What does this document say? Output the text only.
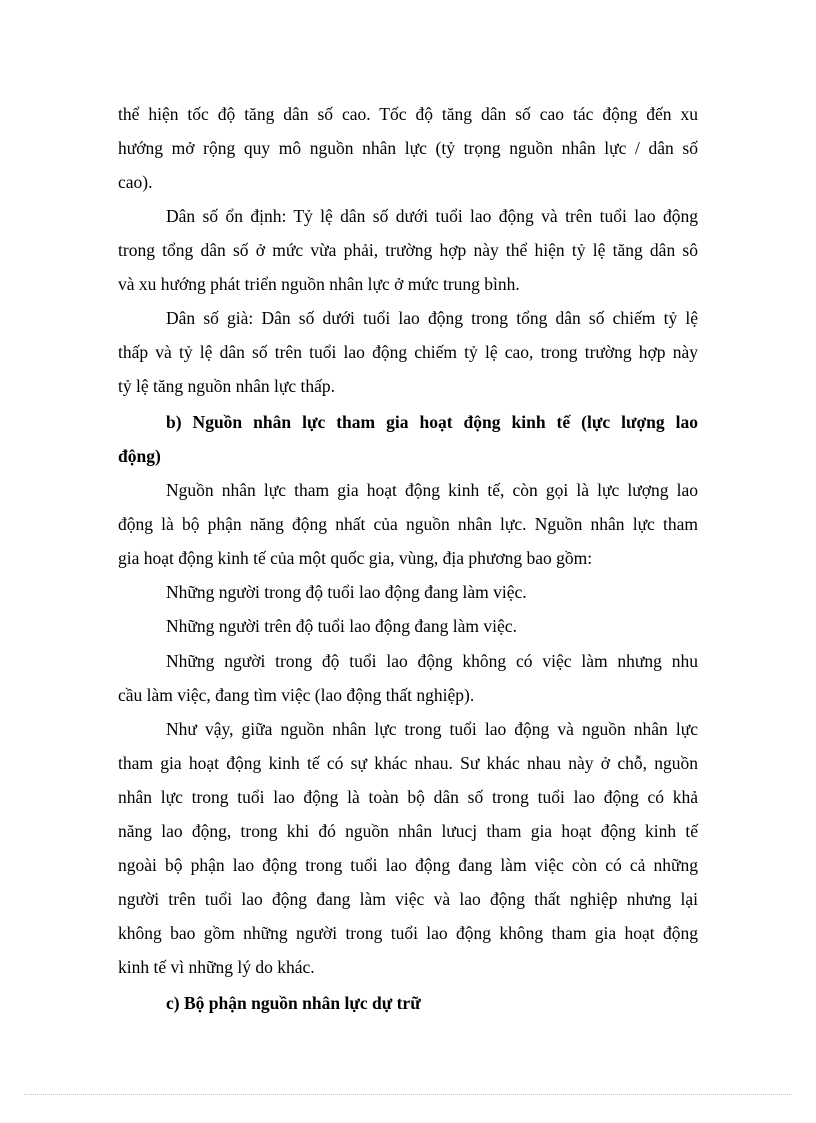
thể hiện tốc độ tăng dân số cao. Tốc độ tăng dân số cao tác động đến xu
hướng mở rộng quy mô nguồn nhân lực (tỷ trọng nguồn nhân lực / dân số
cao).
Dân số ổn định: Tỷ lệ dân số dưới tuổi lao động và trên tuổi lao động
trong tổng dân số ở mức vừa phải, trường hợp này thể hiện tỷ lệ tăng dân sô
và xu hướng phát triển nguồn nhân lực ở mức trung bình.
Dân số già: Dân số dưới tuổi lao động trong tổng dân số chiếm tỷ lệ
thấp và tỷ lệ dân số trên tuổi lao động chiếm tỷ lệ cao, trong trường hợp này
tỷ lệ tăng nguồn nhân lực thấp.
b) Nguồn nhân lực tham gia hoạt động kinh tế (lực lượng lao
động)
Nguồn nhân lực tham gia hoạt động kinh tế, còn gọi là lực lượng lao
động là bộ phận năng động nhất của nguồn nhân lực. Nguồn nhân lực tham
gia hoạt động kinh tế của một quốc gia, vùng, địa phương bao gồm:
Những người trong độ tuổi lao động đang làm việc.
Những người trên độ tuổi lao động đang làm việc.
Những người trong độ tuổi lao động không có việc làm nhưng nhu
cầu làm việc, đang tìm việc (lao động thất nghiệp).
Như vậy, giữa nguồn nhân lực trong tuổi lao động và nguồn nhân lực
tham gia hoạt động kinh tế có sự khác nhau. Sư khác nhau này ở chỗ, nguồn
nhân lực trong tuổi lao động là toàn bộ dân số trong tuổi lao động có khả
năng lao động, trong khi đó nguồn nhân lưucj tham gia hoạt động kinh tế
ngoài bộ phận lao động trong tuổi lao động đang làm việc còn có cả những
người trên tuổi lao động đang làm việc và lao động thất nghiệp nhưng lại
không bao gồm những người trong tuổi lao động không tham gia hoạt động
kinh tế vì những lý do khác.
c) Bộ phận nguồn nhân lực dự trữ
